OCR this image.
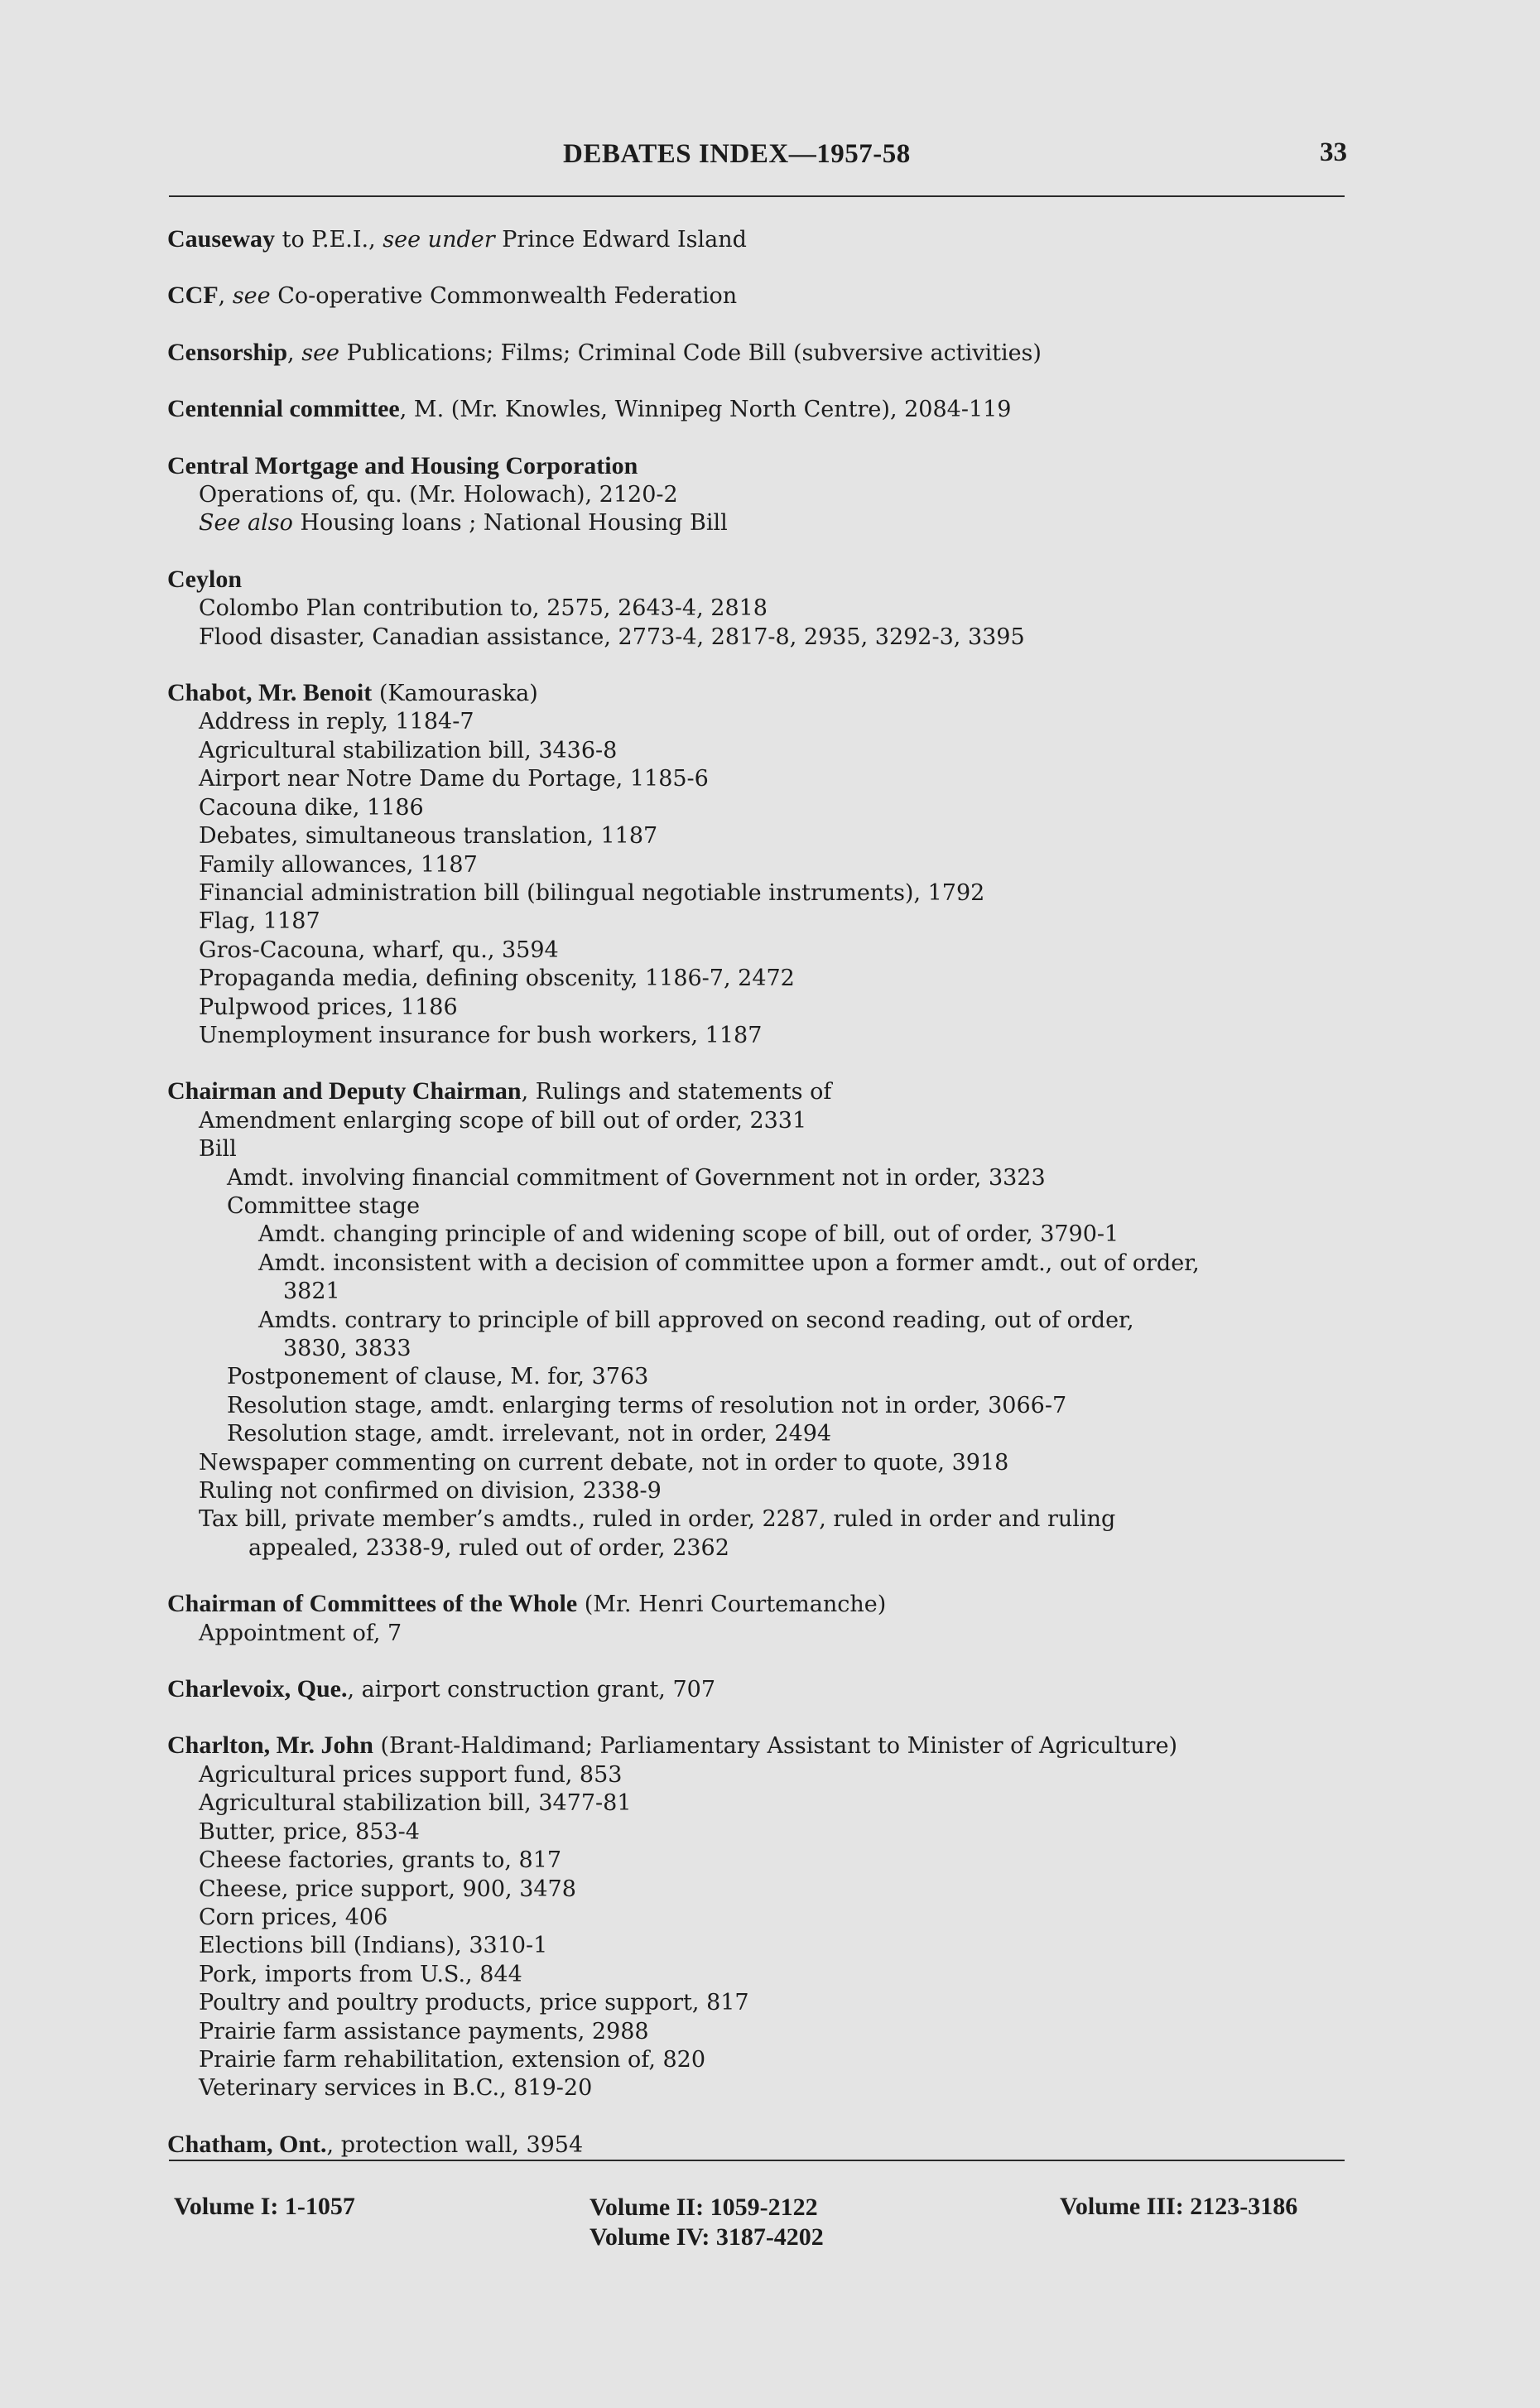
DEBATES INDEX—1957-58	33
Causeway to P.E.I., see under Prince Edward Island
CCF, see Co-operative Commonwealth Federation
Censorship, see Publications; Films; Criminal Code Bill (subversive activities)
Centennial committee, M. (Mr. Knowles, Winnipeg North Centre), 2084-119
Central Mortgage and Housing Corporation
Operations of, qu. (Mr. Holowach), 2120-2
See also Housing loans ; National Housing Bill
Ceylon
Colombo Plan contribution to, 2575, 2643-4, 2818
Flood disaster, Canadian assistance, 2773-4, 2817-8, 2935, 3292-3, 3395
Chabot, Mr. Benoit (Kamouraska)
Address in reply, 1184-7
Agricultural stabilization bill, 3436-8
Airport near Notre Dame du Portage, 1185-6
Cacouna dike, 1186
Debates, simultaneous translation, 1187
Family allowances, 1187
Financial administration bill (bilingual negotiable instruments), 1792
Flag, 1187
Gros-Cacouna, wharf, qu., 3594
Propaganda media, defining obscenity, 1186-7, 2472
Pulpwood prices, 1186
Unemployment insurance for bush workers, 1187
Chairman and Deputy Chairman, Rulings and statements of
Amendment enlarging scope of bill out of order, 2331
Bill
Amdt. involving financial commitment of Government not in order, 3323
Committee stage
Amdt. changing principle of and widening scope of bill, out of order, 3790-1
Amdt. inconsistent with a decision of committee upon a former amdt., out of order,
3821
Amdts. contrary to principle of bill approved on second reading, out of order,
3830, 3833
Postponement of clause, M. for, 3763
Resolution stage, amdt. enlarging terms of resolution not in order, 3066-7
Resolution stage, amdt. irrelevant, not in order, 2494
Newspaper commenting on current debate, not in order to quote, 3918
Ruling not confirmed on division, 2338-9
Tax bill, private member’s amdts., ruled in order, 2287, ruled in order and ruling
appealed, 2338-9, ruled out of order, 2362
Chairman of Committees of the Whole (Mr. Henri Courtemanche)
Appointment of, 7
Charlevoix, Que., airport construction grant, 707
Charlton, Mr. John (Brant-Haldimand; Parliamentary Assistant to Minister of Agriculture)
Agricultural prices support fund, 853
Agricultural stabilization bill, 3477-81
Butter, price, 853-4
Cheese factories, grants to, 817
Cheese, price support, 900, 3478
Corn prices, 406
Elections bill (Indians), 3310-1
Pork, imports from U.S., 844
Poultry and poultry products, price support, 817
Prairie farm assistance payments, 2988
Prairie farm rehabilitation, extension of, 820
Veterinary services in B.C., 819-20
Chatham, Ont., protection wall, 3954
Volume I: 1-1057	Volume II: 1059-2122
Volume IV: 3187-4202
Volume III: 2123-3186
